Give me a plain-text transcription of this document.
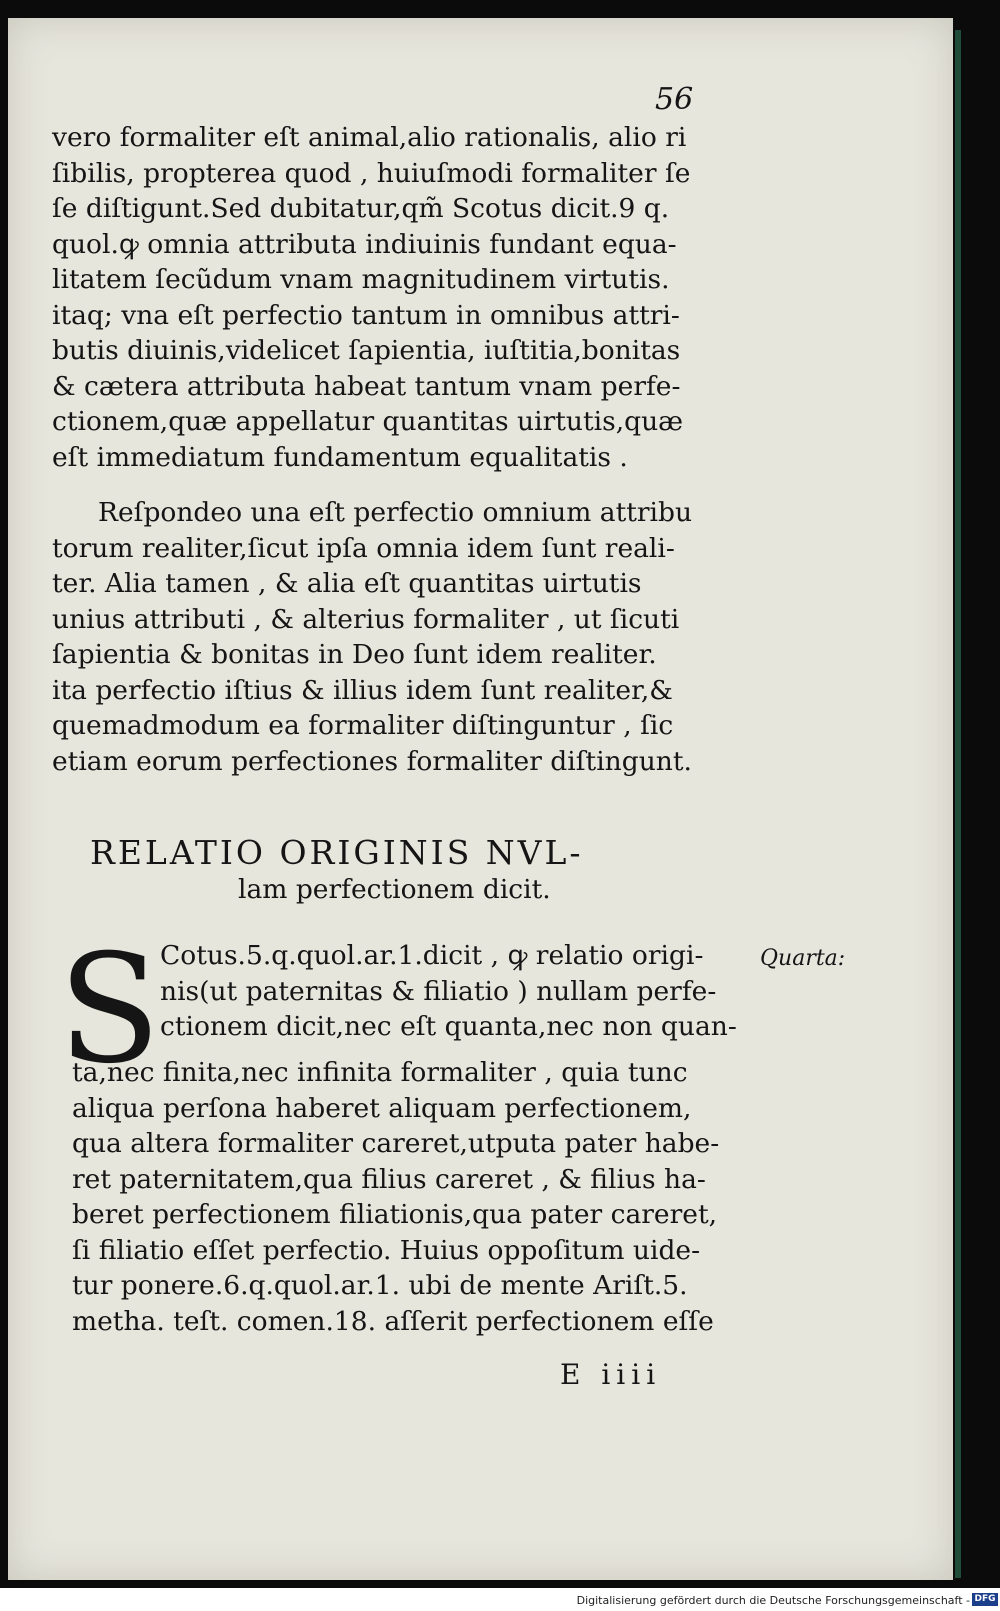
56
vero formaliter eſt animal,alio rationalis, alio ri
ſibilis, propterea quod , huiuſmodi formaliter ſe
ſe diſtigunt.Sed dubitatur,qm̃ Scotus dicit.9 q.
quol.ꝙ omnia attributa indiuinis fundant equa-
litatem ſecũdum vnam magnitudinem virtutis.
itaq; vna eſt perfectio tantum in omnibus attri-
butis diuinis,videlicet ſapientia, iuſtitia,bonitas
& cætera attributa habeat tantum vnam perfe-
ctionem,quæ appellatur quantitas uirtutis,quæ
eſt immediatum fundamentum equalitatis .
Reſpondeo una eſt perfectio omnium attribu
torum realiter,ſicut ipſa omnia idem ſunt reali-
ter. Alia tamen , & alia eſt quantitas uirtutis
unius attributi , & alterius formaliter , ut ſicuti
ſapientia & bonitas in Deo ſunt idem realiter.
ita perfectio iſtius & illius idem ſunt realiter,&
quemadmodum ea formaliter diſtinguntur , ſic
etiam eorum perfectiones formaliter diſtingunt.
RELATIO ORIGINIS NVL-
lam perfectionem dicit.
S Cotus.5.q.quol.ar.1.dicit , ꝙ relatio origi-
nis(ut paternitas & filiatio ) nullam perfe-
ctionem dicit,nec eſt quanta,nec non quan-
Quarta:
ta,nec finita,nec infinita formaliter , quia tunc
aliqua perſona haberet aliquam perfectionem,
qua altera formaliter careret,utputa pater habe-
ret paternitatem,qua filius careret , & filius ha-
beret perfectionem filiationis,qua pater careret,
ſi filiatio eſſet perfectio. Huius oppoſitum uide-
tur ponere.6.q.quol.ar.1. ubi de mente Ariſt.5.
metha. teſt. comen.18. aſſerit perfectionem eſſe
E iiii
Digitalisierung gefördert durch die Deutsche Forschungsgemeinschaft - DFG
